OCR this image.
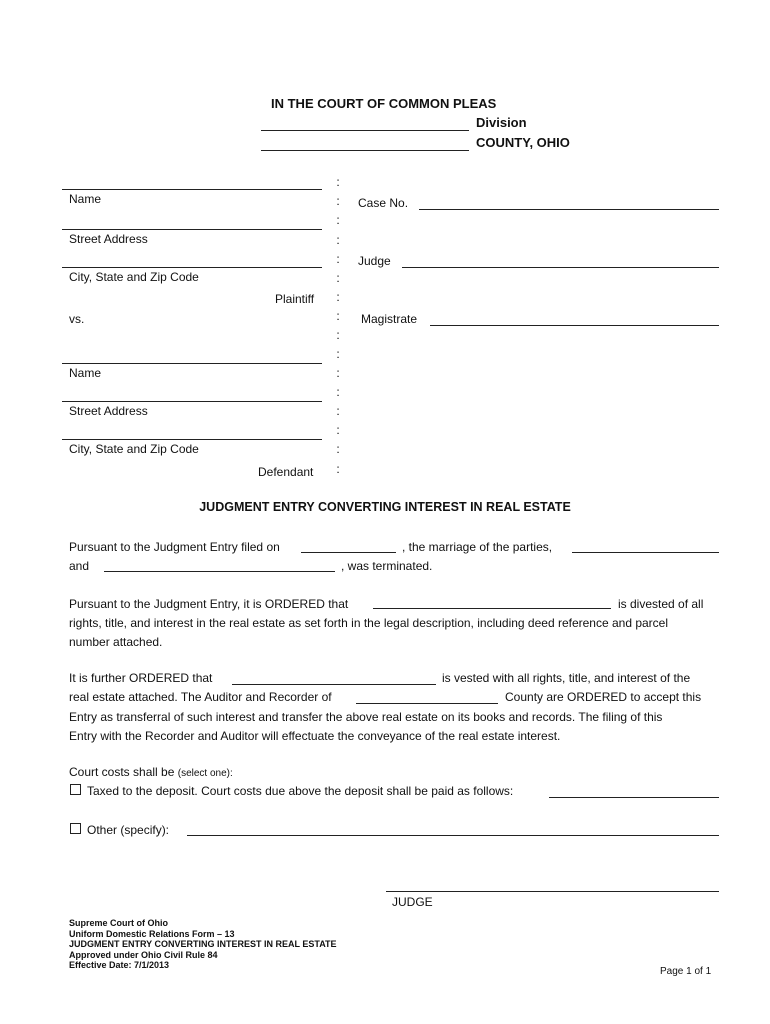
IN THE COURT OF COMMON PLEAS
Division
COUNTY, OHIO
Name
Street Address
City, State and Zip Code
Plaintiff
vs.
Name
Street Address
City, State and Zip Code
Defendant
:
:
:
:
:
:
:
:
:
:
:
:
:
:
:
:
Case No.
Judge
Magistrate
JUDGMENT ENTRY CONVERTING INTEREST IN REAL ESTATE
Pursuant to the Judgment Entry filed on	, the marriage of the parties,
and	, was terminated.
Pursuant to the Judgment Entry, it is ORDERED that	is divested of all
rights, title, and interest in the real estate as set forth in the legal description, including deed reference and parcel
number attached.
It is further ORDERED that	is vested with all rights, title, and interest of the
real estate attached. The Auditor and Recorder of	County are ORDERED to accept this
Entry as transferral of such interest and transfer the above real estate on its books and records. The filing of this
Entry with the Recorder and Auditor will effectuate the conveyance of the real estate interest.
Court costs shall be (select one):
Taxed to the deposit. Court costs due above the deposit shall be paid as follows:
Other (specify):
JUDGE
Supreme Court of Ohio
Uniform Domestic Relations Form – 13
JUDGMENT ENTRY CONVERTING INTEREST IN REAL ESTATE
Approved under Ohio Civil Rule 84
Effective Date: 7/1/2013
Page 1 of 1
